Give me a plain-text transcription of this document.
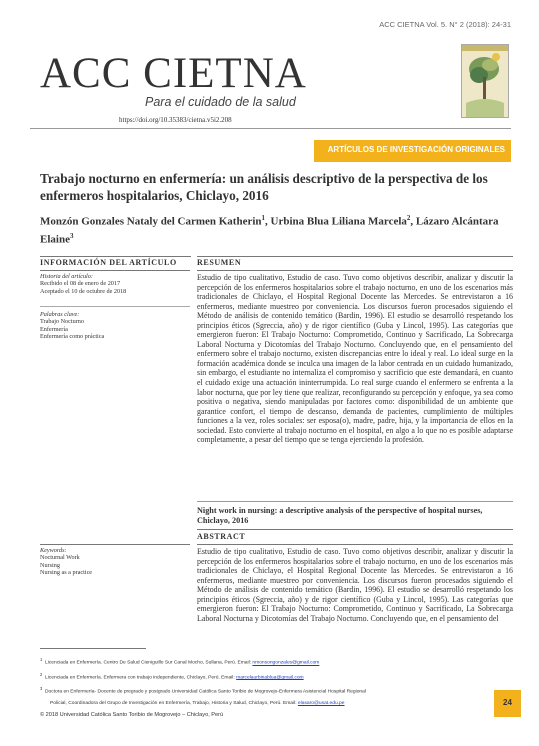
ACC CIETNA Vol. 5. N° 2 (2018): 24-31
ACC CIETNA
Para el cuidado de la salud
https://doi.org/10.35383/cietna.v5i2.208
ARTÍCULOS DE INVESTIGACIÓN ORIGINALES
Trabajo nocturno en enfermería: un análisis descriptivo de la perspectiva de los enfermeros hospitalarios, Chiclayo, 2016
Monzón Gonzales Nataly del Carmen Katherin$^1$, Urbina Blua Liliana Marcela$^2$, Lázaro Alcántara Elaine$^3$
INFORMACIÓN DEL ARTÍCULO
Historia del artículo:
Recibido el 08 de enero de 2017
Aceptado el 10 de octubre de 2018
Palabras clave:
Trabajo Nocturno
Enfermería
Enfermería como práctica
RESUMEN
Estudio de tipo cualitativo, Estudio de caso. Tuvo como objetivos describir, analizar y discutir la percepción de los enfermeros hospitalarios sobre el trabajo nocturno, en uno de los escenarios más tradicionales de Chiclayo, el Hospital Regional Docente las Mercedes. Se entrevistaron a 16 enfermeros, mediante muestreo por conveniencia. Los discursos fueron procesados siguiendo el Método de análisis de contenido temático (Bardin, 1996). El estudio se desarrolló respetando los principios éticos (Sgreccia, año) y de rigor científico (Guba y Lincol, 1995). Las categorías que emergieron fueron: El Trabajo Nocturno: Comprometido, Continuo y Sacrificado, La Sobrecarga Laboral Nocturna y Dicotomías del Trabajo Nocturno. Concluyendo que, en el pensamiento del enfermero sobre el trabajo nocturno, existen discrepancias entre lo ideal y real. Lo ideal surge en la formación académica donde se inculca una imagen de la labor centrada en un cuidado humanizado, sin embargo, el estudiante no internaliza el compromiso y sacrificio que este demandará, en cuanto el cuidado exige una actuación ininterrumpida. Lo real surge cuando el enfermero se enfrenta a la labor nocturna, que por ley tiene que realizar, reconfigurando su percepción y enfoque, ya sea como positiva o negativa, siendo manipuladas por factores como: disponibilidad de un ambiente que garantice confort, el tiempo de descanso, demanda de pacientes, cumplimiento de múltiples funciones a la vez, roles sociales: ser esposa(o), madre, padre, hija, y la importancia de ellos en la sociedad. Esto convierte al trabajo nocturno en el hospital, en algo a lo que no es posible adaptarse completamente, a pesar del tiempo que se tenga ejerciendo la profesión.
Night work in nursing: a descriptive analysis of the perspective of hospital nurses, Chiclayo, 2016
ABSTRACT
Keywords:
Nocturnal Work
Nursing
Nursing as a practice
Estudio de tipo cualitativo, Estudio de caso. Tuvo como objetivos describir, analizar y discutir la percepción de los enfermeros hospitalarios sobre el trabajo nocturno, en uno de los escenarios más tradicionales de Chiclayo, el Hospital Regional Docente las Mercedes. Se entrevistaron a 16 enfermeros, mediante muestreo por conveniencia. Los discursos fueron procesados siguiendo el Método de análisis de contenido temático (Bardin, 1996). El estudio se desarrolló respetando los principios éticos (Sgreccia, año) y de rigor científico (Guba y Lincol, 1995). Las categorías que emergieron fueron: El Trabajo Nocturno: Comprometido, Continuo y Sacrificado, La Sobrecarga Laboral Nocturna y Dicotomías del Trabajo Nocturno. Concluyendo que, en el pensamiento del
$^1$  Licenciada en Enfermería. Centro De Salud Cieniguillo Sur Canal Mocho, Sullana, Perú. Email: nmonsongonzales@gmail.com
$^2$  Licenciada en Enfermería. Enfermera con trabajo independiente, Chiclayo, Perú. Email: marcelaurbinablua@gmail.com
$^3$  Doctora en Enfermería- Docente de pregrado y postgrado Universidad Católica Santo Toribio de Mogrovejo-Enfermera Asistencial Hospital Regional
Policial, Coordinadora del Grupo de Investigación en Enfermería, Trabajo, Historia y Salud, Chiclayo, Perú. Email: elasaro@usat.edu.pe
© 2018 Universidad Católica Santo Toribio de Mogrovejo – Chiclayo, Perú
24
